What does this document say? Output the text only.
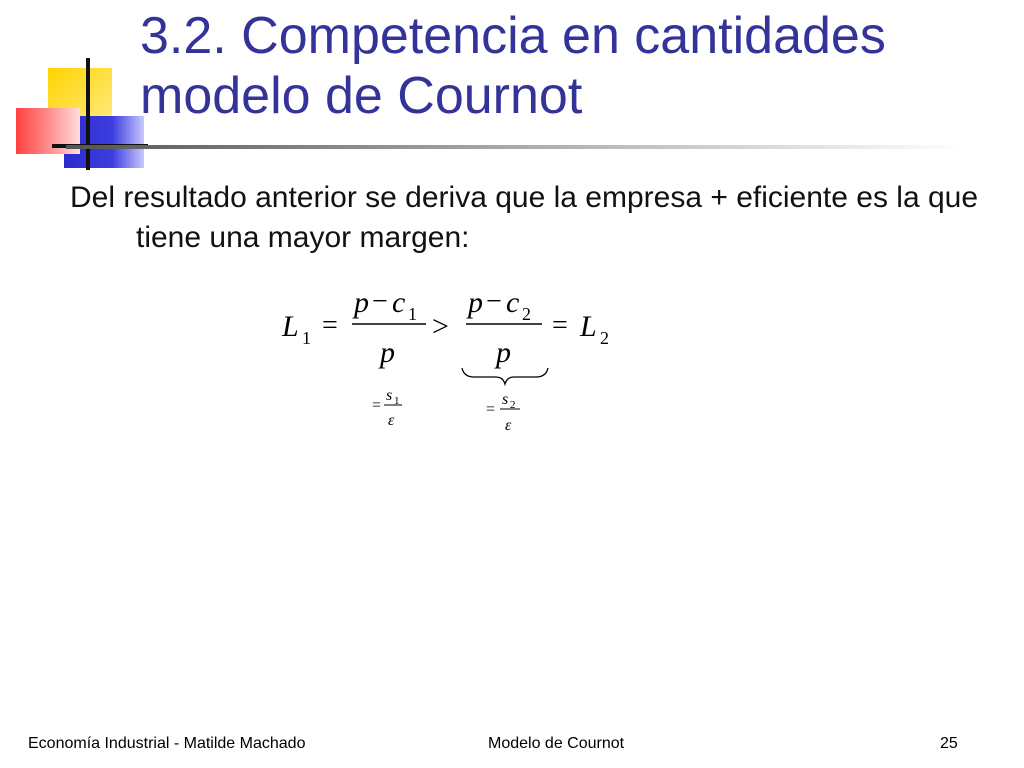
3.2. Competencia en cantidades
modelo de Cournot

Del resultado anterior se deriva que la empresa + eficiente es la que tiene una mayor margen:

L 1 =
p − c 1
p
>
p − c 2
p
= L 2
=
s 1
ε
=
s 2
ε
Economía Industrial - Matilde Machado	Modelo de Cournot	25
